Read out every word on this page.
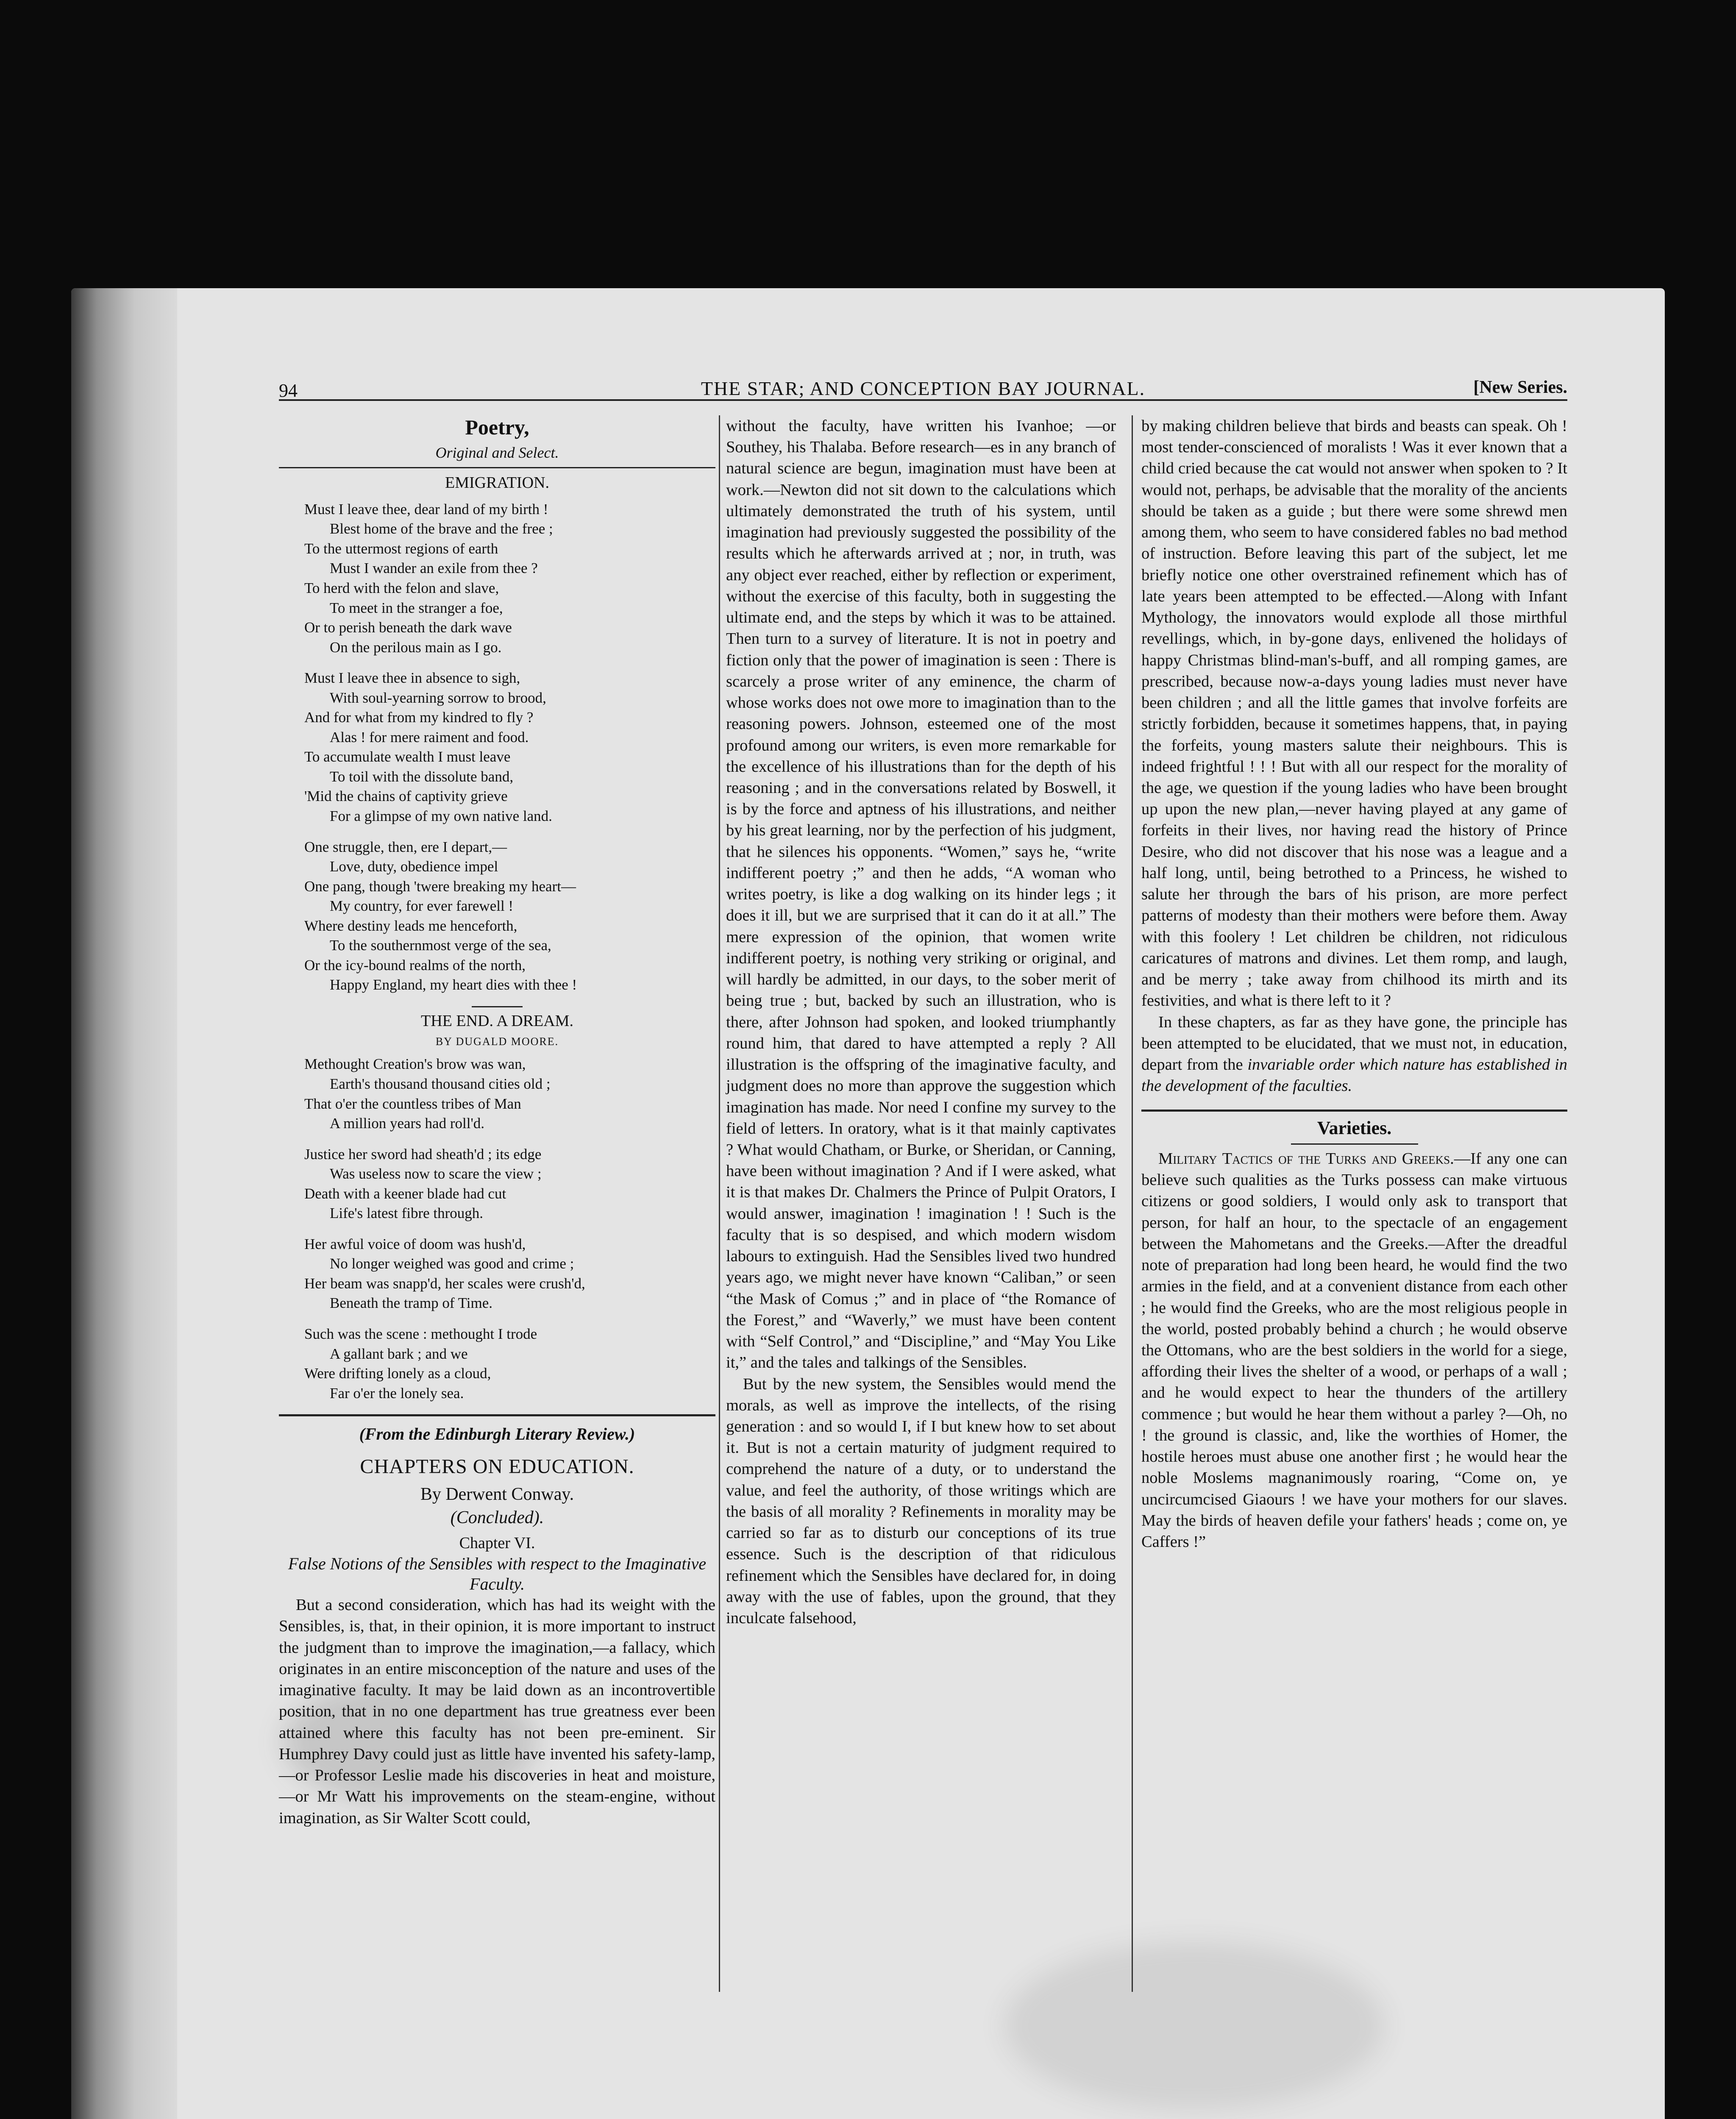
94	THE STAR; AND CONCEPTION BAY JOURNAL.	[New Series.
Poetry,
Original and Select.
EMIGRATION.
Must I leave thee, dear land of my birth !
Blest home of the brave and the free ;
To the uttermost regions of earth
Must I wander an exile from thee ?
To herd with the felon and slave,
To meet in the stranger a foe,
Or to perish beneath the dark wave
On the perilous main as I go.
Must I leave thee in absence to sigh,
With soul-yearning sorrow to brood,
And for what from my kindred to fly ?
Alas ! for mere raiment and food.
To accumulate wealth I must leave
To toil with the dissolute band,
'Mid the chains of captivity grieve
For a glimpse of my own native land.
One struggle, then, ere I depart,—
Love, duty, obedience impel
One pang, though 'twere breaking my heart—
My country, for ever farewell !
Where destiny leads me henceforth,
To the southernmost verge of the sea,
Or the icy-bound realms of the north,
Happy England, my heart dies with thee !
THE END. A DREAM.
BY DUGALD MOORE.
Methought Creation's brow was wan,
Earth's thousand thousand cities old ;
That o'er the countless tribes of Man
A million years had roll'd.
Justice her sword had sheath'd ; its edge
Was useless now to scare the view ;
Death with a keener blade had cut
Life's latest fibre through.
Her awful voice of doom was hush'd,
No longer weighed was good and crime ;
Her beam was snapp'd, her scales were crush'd,
Beneath the tramp of Time.
Such was the scene : methought I trode
A gallant bark ; and we
Were drifting lonely as a cloud,
Far o'er the lonely sea.
(From the Edinburgh Literary Review.)
CHAPTERS ON EDUCATION.
By Derwent Conway.
(Concluded).
Chapter VI.
False Notions of the Sensibles with respect to the Imaginative Faculty.

But a second consideration, which has had its weight with the Sensibles, is, that, in their opinion, it is more important to instruct the judgment than to improve the imagination,—a fallacy, which originates in an entire misconception of the nature and uses of the imaginative faculty. It may be laid down as an incontrovertible position, that in no one department has true greatness ever been attained where this faculty has not been pre-eminent. Sir Humphrey Davy could just as little have invented his safety-lamp,—or Professor Leslie made his discoveries in heat and moisture,—or Mr Watt his improvements on the steam-engine, without imagination, as Sir Walter Scott could,

without the faculty, have written his Ivanhoe; —or Southey, his Thalaba. Before research—es in any branch of natural science are begun, imagination must have been at work.—Newton did not sit down to the calculations which ultimately demonstrated the truth of his system, until imagination had previously suggested the possibility of the results which he afterwards arrived at ; nor, in truth, was any object ever reached, either by reflection or experiment, without the exercise of this faculty, both in suggesting the ultimate end, and the steps by which it was to be attained. Then turn to a survey of literature. It is not in poetry and fiction only that the power of imagination is seen : There is scarcely a prose writer of any eminence, the charm of whose works does not owe more to imagination than to the reasoning powers. Johnson, esteemed one of the most profound among our writers, is even more remarkable for the excellence of his illustrations than for the depth of his reasoning ; and in the conversations related by Boswell, it is by the force and aptness of his illustrations, and neither by his great learning, nor by the perfection of his judgment, that he silences his opponents. “Women,” says he, “write indifferent poetry ;” and then he adds, “A woman who writes poetry, is like a dog walking on its hinder legs ; it does it ill, but we are surprised that it can do it at all.” The mere expression of the opinion, that women write indifferent poetry, is nothing very striking or original, and will hardly be admitted, in our days, to the sober merit of being true ; but, backed by such an illustration, who is there, after Johnson had spoken, and looked triumphantly round him, that dared to have attempted a reply ? All illustration is the offspring of the imaginative faculty, and judgment does no more than approve the suggestion which imagination has made. Nor need I confine my survey to the field of letters. In oratory, what is it that mainly captivates ? What would Chatham, or Burke, or Sheridan, or Canning, have been without imagination ? And if I were asked, what it is that makes Dr. Chalmers the Prince of Pulpit Orators, I would answer, imagination ! imagination ! ! Such is the faculty that is so despised, and which modern wisdom labours to extinguish. Had the Sensibles lived two hundred years ago, we might never have known “Caliban,” or seen “the Mask of Comus ;” and in place of “the Romance of the Forest,” and “Waverly,” we must have been content with “Self Control,” and “Discipline,” and “May You Like it,” and the tales and talkings of the Sensibles.

But by the new system, the Sensibles would mend the morals, as well as improve the intellects, of the rising generation : and so would I, if I but knew how to set about it. But is not a certain maturity of judgment required to comprehend the nature of a duty, or to understand the value, and feel the authority, of those writings which are the basis of all morality ? Refinements in morality may be carried so far as to disturb our conceptions of its true essence. Such is the description of that ridiculous refinement which the Sensibles have declared for, in doing away with the use of fables, upon the ground, that they inculcate falsehood,

by making children believe that birds and beasts can speak. Oh ! most tender-conscienced of moralists ! Was it ever known that a child cried because the cat would not answer when spoken to ? It would not, perhaps, be advisable that the morality of the ancients should be taken as a guide ; but there were some shrewd men among them, who seem to have considered fables no bad method of instruction. Before leaving this part of the subject, let me briefly notice one other overstrained refinement which has of late years been attempted to be effected.—Along with Infant Mythology, the innovators would explode all those mirthful revellings, which, in by-gone days, enlivened the holidays of happy Christmas blind-man's-buff, and all romping games, are prescribed, because now-a-days young ladies must never have been children ; and all the little games that involve forfeits are strictly forbidden, because it sometimes happens, that, in paying the forfeits, young masters salute their neighbours. This is indeed frightful ! ! ! But with all our respect for the morality of the age, we question if the young ladies who have been brought up upon the new plan,—never having played at any game of forfeits in their lives, nor having read the history of Prince Desire, who did not discover that his nose was a league and a half long, until, being betrothed to a Princess, he wished to salute her through the bars of his prison, are more perfect patterns of modesty than their mothers were before them. Away with this foolery ! Let children be children, not ridiculous caricatures of matrons and divines. Let them romp, and laugh, and be merry ; take away from chilhood its mirth and its festivities, and what is there left to it ?

In these chapters, as far as they have gone, the principle has been attempted to be elucidated, that we must not, in education, depart from the invariable order which nature has established in the development of the faculties.

Varieties.

Military Tactics of the Turks and Greeks.—If any one can believe such qualities as the Turks possess can make virtuous citizens or good soldiers, I would only ask to transport that person, for half an hour, to the spectacle of an engagement between the Mahometans and the Greeks.—After the dreadful note of preparation had long been heard, he would find the two armies in the field, and at a convenient distance from each other ; he would find the Greeks, who are the most religious people in the world, posted probably behind a church ; he would observe the Ottomans, who are the best soldiers in the world for a siege, affording their lives the shelter of a wood, or perhaps of a wall ; and he would expect to hear the thunders of the artillery commence ; but would he hear them without a parley ?—Oh, no ! the ground is classic, and, like the worthies of Homer, the hostile heroes must abuse one another first ; he would hear the noble Moslems magnanimously roaring, “Come on, ye uncircumcised Giaours ! we have your mothers for our slaves. May the birds of heaven defile your fathers' heads ; come on, ye Caffers !”
